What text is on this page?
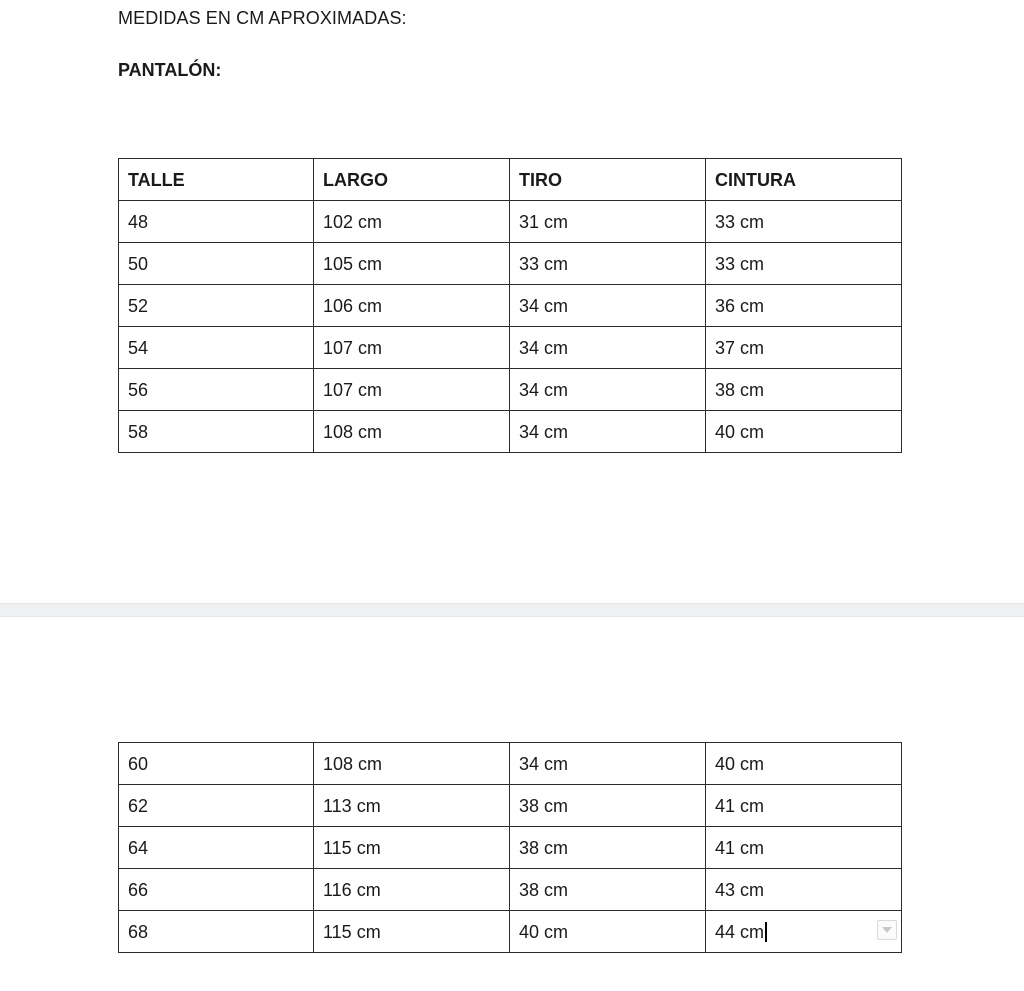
MEDIDAS EN CM APROXIMADAS:
PANTALÓN:
TALLE	LARGO	TIRO	CINTURA
48	102 cm	31 cm	33 cm
50	105 cm	33 cm	33 cm
52	106 cm	34 cm	36 cm
54	107 cm	34 cm	37 cm
56	107 cm	34 cm	38 cm
58	108 cm	34 cm	40 cm
60	108 cm	34 cm	40 cm
62	113 cm	38 cm	41 cm
64	115 cm	38 cm	41 cm
66	116 cm	38 cm	43 cm
68	115 cm	40 cm	44 cm
